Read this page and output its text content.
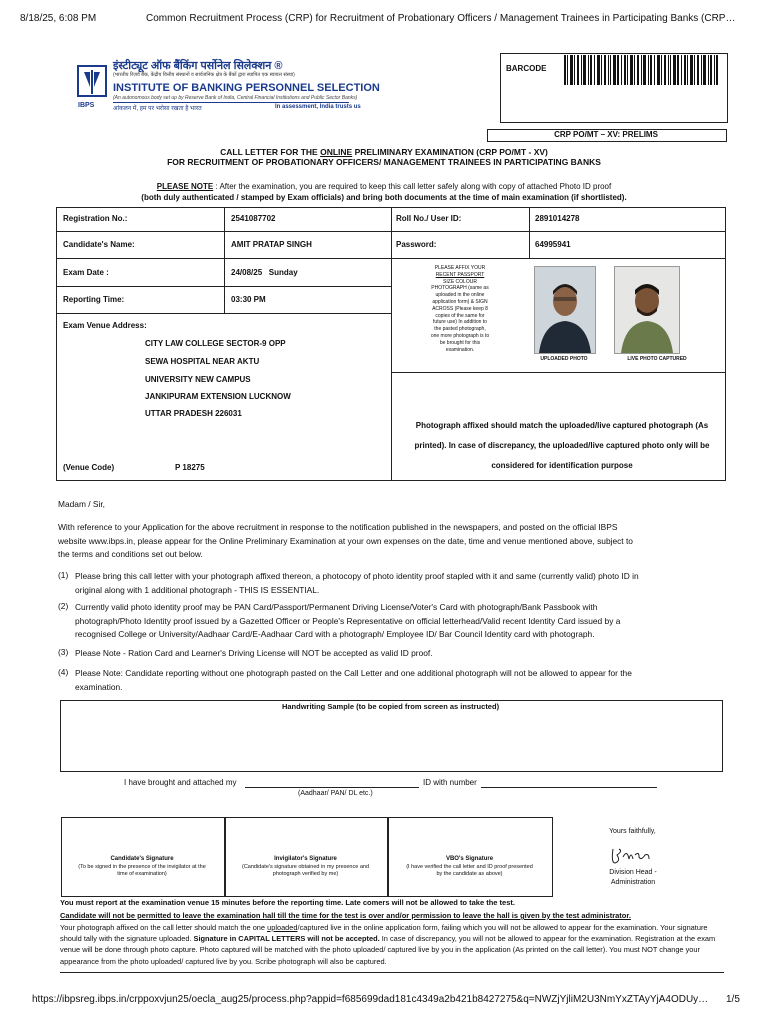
8/18/25, 6:08 PM	Common Recruitment Process (CRP) for Recruitment of Probationary Officers / Management Trainees in Participating Banks (CRP…
IBPS
इंस्टीट्यूट ऑफ बैंकिंग पर्सोनेल सिलेक्शन ®
(भारतीय रिज़र्व बैंक, केंद्रीय वित्तीय संस्थानों व सार्वजनिक क्षेत्र के बैंकों द्वारा स्थापित एक स्वायत्त संस्था)
INSTITUTE OF BANKING PERSONNEL SELECTION
(An autonomous body set up by Reserve Bank of India, Central Financial Institutions and Public Sector Banks)
आंकलन में, हम पर भरोसा रखता है भारत	In assessment, India trusts us
BARCODE
CRP PO/MT – XV: PRELIMS
CALL LETTER FOR THE ONLINE PRELIMINARY EXAMINATION (CRP PO/MT - XV)
FOR RECRUITMENT OF PROBATIONARY OFFICERS/ MANAGEMENT TRAINEES IN PARTICIPATING BANKS
PLEASE NOTE : After the examination, you are required to keep this call letter safely along with copy of attached Photo ID proof
(both duly authenticated / stamped by Exam officials) and bring both documents at the time of main examination (if shortlisted).
Registration No.:	2541087702	Roll No./ User ID:	2891014278
Candidate's Name:	AMIT PRATAP SINGH	Password:	64995941
Exam Date :	24/08/25   Sunday
Reporting Time:	03:30 PM
Exam Venue Address:
CITY LAW COLLEGE SECTOR-9 OPP
SEWA HOSPITAL NEAR AKTU
UNIVERSITY NEW CAMPUS
JANKIPURAM EXTENSION LUCKNOW
UTTAR PRADESH 226031
(Venue Code)	P 18275
PLEASE AFFIX YOUR
RECENT PASSPORT
SIZE COLOUR
PHOTOGRAPH (same as
uploaded in the online
application form) & SIGN
ACROSS (Please keep 8
copies of the same for
future use) In addition to
the pasted photograph,
one more photograph is to
be brought for this
examination.
UPLOADED PHOTO	LIVE PHOTO CAPTURED
Photograph affixed should match the uploaded/live captured photograph (As
printed). In case of discrepancy, the uploaded/live captured photo only will be
considered for identification purpose
Madam / Sir,
With reference to your Application for the above recruitment in response to the notification published in the newspapers, and posted on the official IBPS
website www.ibps.in, please appear for the Online Preliminary Examination at your own expenses on the date, time and venue mentioned above, subject to
the terms and conditions set out below.
(1) Please bring this call letter with your photograph affixed thereon, a photocopy of photo identity proof stapled with it and same (currently valid) photo ID in
original along with 1 additional photograph - THIS IS ESSENTIAL.
(2) Currently valid photo identity proof may be PAN Card/Passport/Permanent Driving License/Voter's Card with photograph/Bank Passbook with
photograph/Photo Identity proof issued by a Gazetted Officer or People's Representative on official letterhead/Valid recent Identity Card issued by a
recognised College or University/Aadhaar Card/E-Aadhaar Card with a photograph/ Employee ID/ Bar Council Identity card with photograph.
(3) Please Note - Ration Card and Learner's Driving License will NOT be accepted as valid ID proof.
(4) Please Note: Candidate reporting without one photograph pasted on the Call Letter and one additional photograph will not be allowed to appear for the
examination.
Handwriting Sample (to be copied from screen as instructed)
I have brought and attached my	ID with number
(Aadhaar/ PAN/ DL etc.)
Candidate's Signature
(To be signed in the presence of the invigilator at the
time of examination)
Invigilator's Signature
(Candidate's signature obtained in my presence and
photograph verified by me)
VBO's Signature
(I have verified the call letter and ID proof presented
by the candidate as above)
Yours faithfully,
Division Head -
Administration
You must report at the examination venue 15 minutes before the reporting time. Late comers will not be allowed to take the test.
Candidate will not be permitted to leave the examination hall till the time for the test is over and/or permission to leave the hall is given by the test administrator.
Your photograph affixed on the call letter should match the one uploaded/captured live in the online application form, failing which you will not be allowed to appear for the examination. Your signature should tally with the signature uploaded. Signature in CAPITAL LETTERS will not be accepted. In case of discrepancy, you will not be allowed to appear for the examination. Registration at the exam venue will be done through photo capture. Photo captured will be matched with the photo uploaded/ captured live by you in the application (As printed on the call letter). You must NOT change your appearance from the photo uploaded/ captured live by you. Scribe photograph will also be captured.
https://ibpsreg.ibps.in/crppoxvjun25/oecla_aug25/process.php?appid=f685699dad181c4349a2b421b8427275&q=NWZjYjliM2U3NmYxZTAyYjA4ODUy… 1/5
